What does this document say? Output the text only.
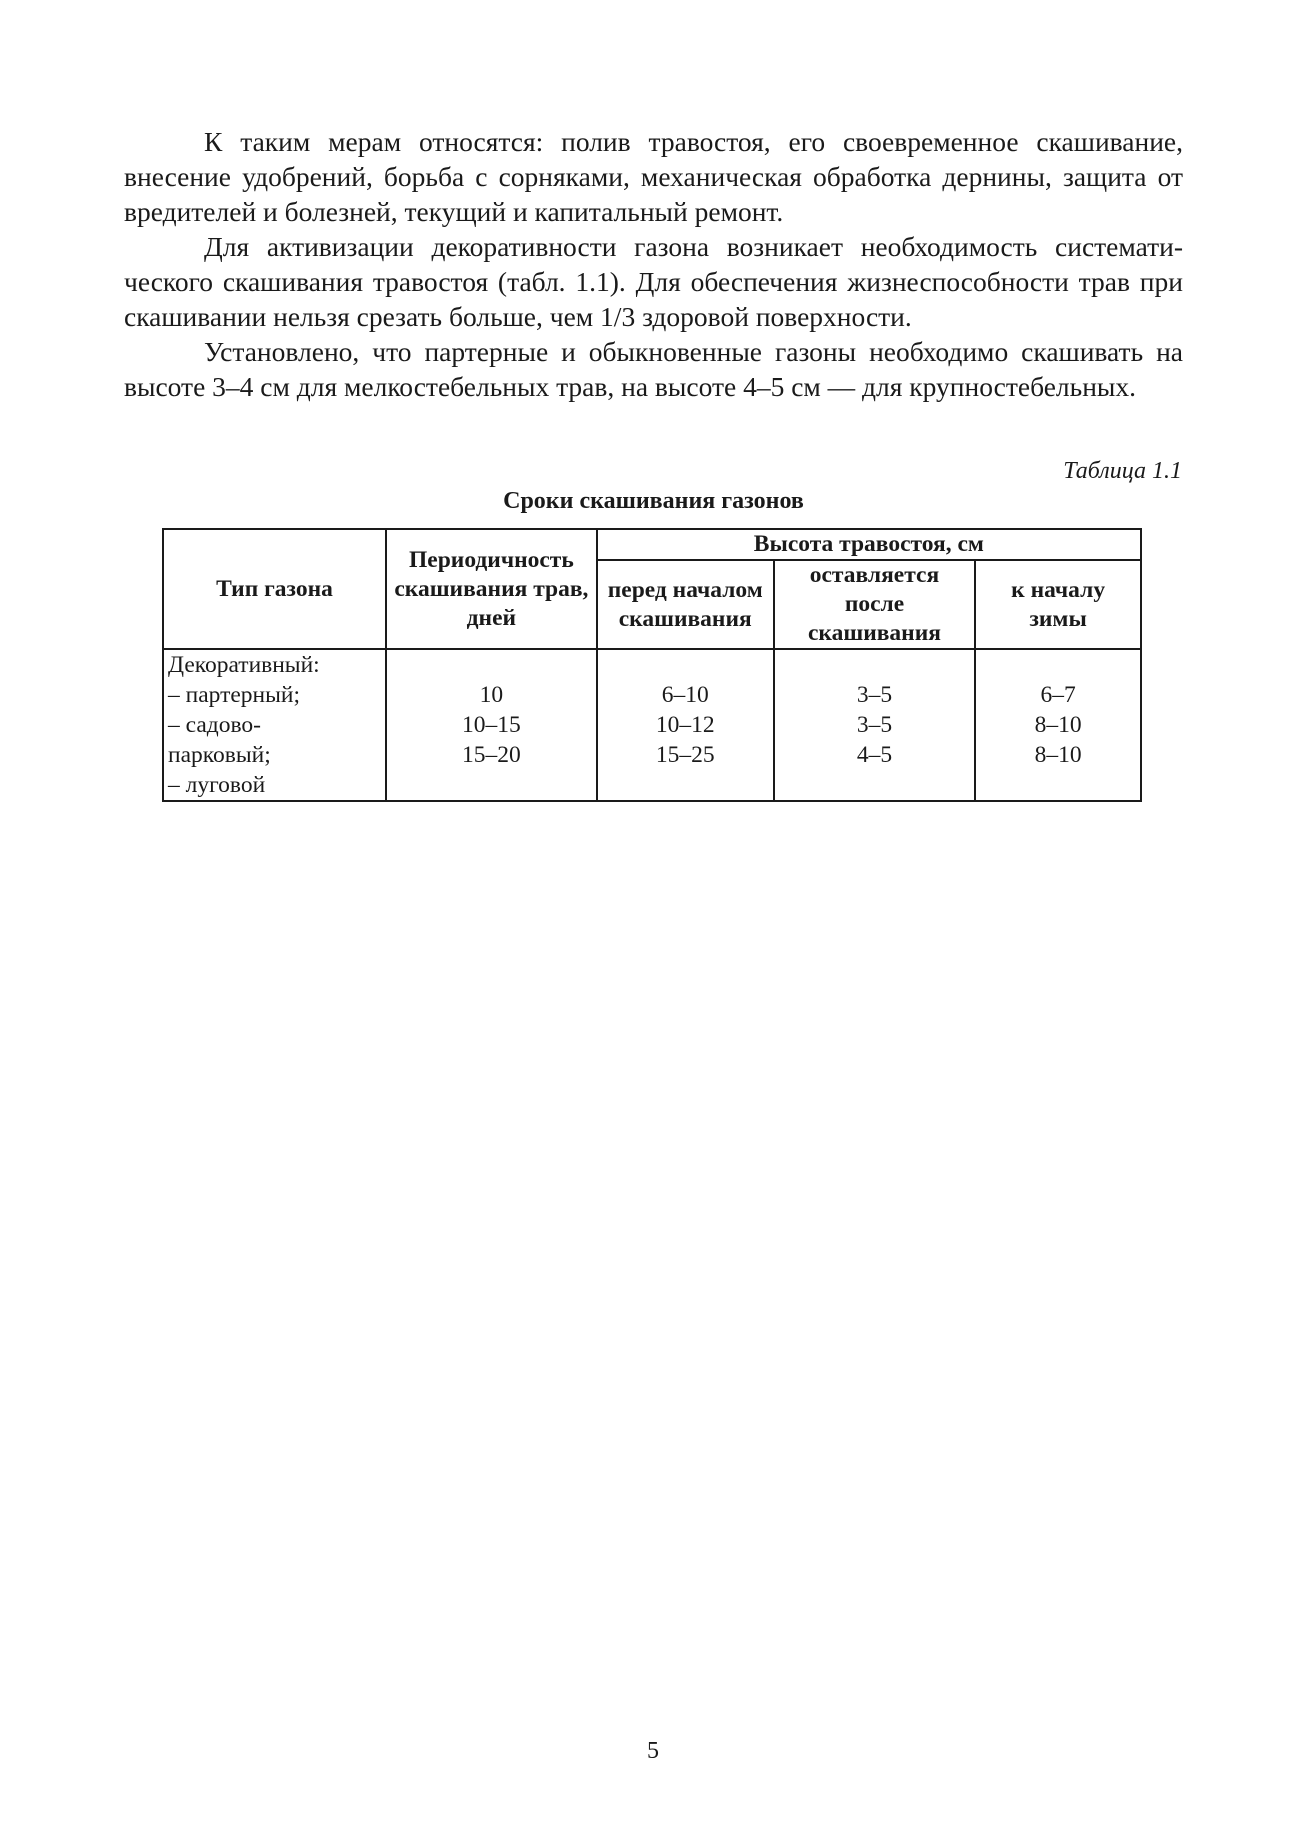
К таким мерам относятся: полив травостоя, его своевременное скашивание, внесение удобрений, борьба с сорняками, механическая обработка дернины, защита от вредителей и болезней, текущий и капитальный ремонт.

Для активизации декоративности газона возникает необходимость систематического скашивания травостоя (табл. 1.1). Для обеспечения жизнеспособности трав при скашивании нельзя срезать больше, чем 1/3 здоровой поверхности.

Установлено, что партерные и обыкновенные газоны необходимо скашивать на высоте 3–4 см для мелкостебельных трав, на высоте 4–5 см — для крупностебельных.

Таблица 1.1
Сроки скашивания газонов
Тип газона	Периодичность скашивания трав, дней	Высота травостоя, см		
		перед началом скашивания	оставляется после скашивания	к началу зимы

Декоративный:
– партерный;
– садово-
парковый;
– луговой	10
10–15
15–20	6–10
10–12
15–25	3–5
3–5
4–5	6–7
8–10
8–10
5
